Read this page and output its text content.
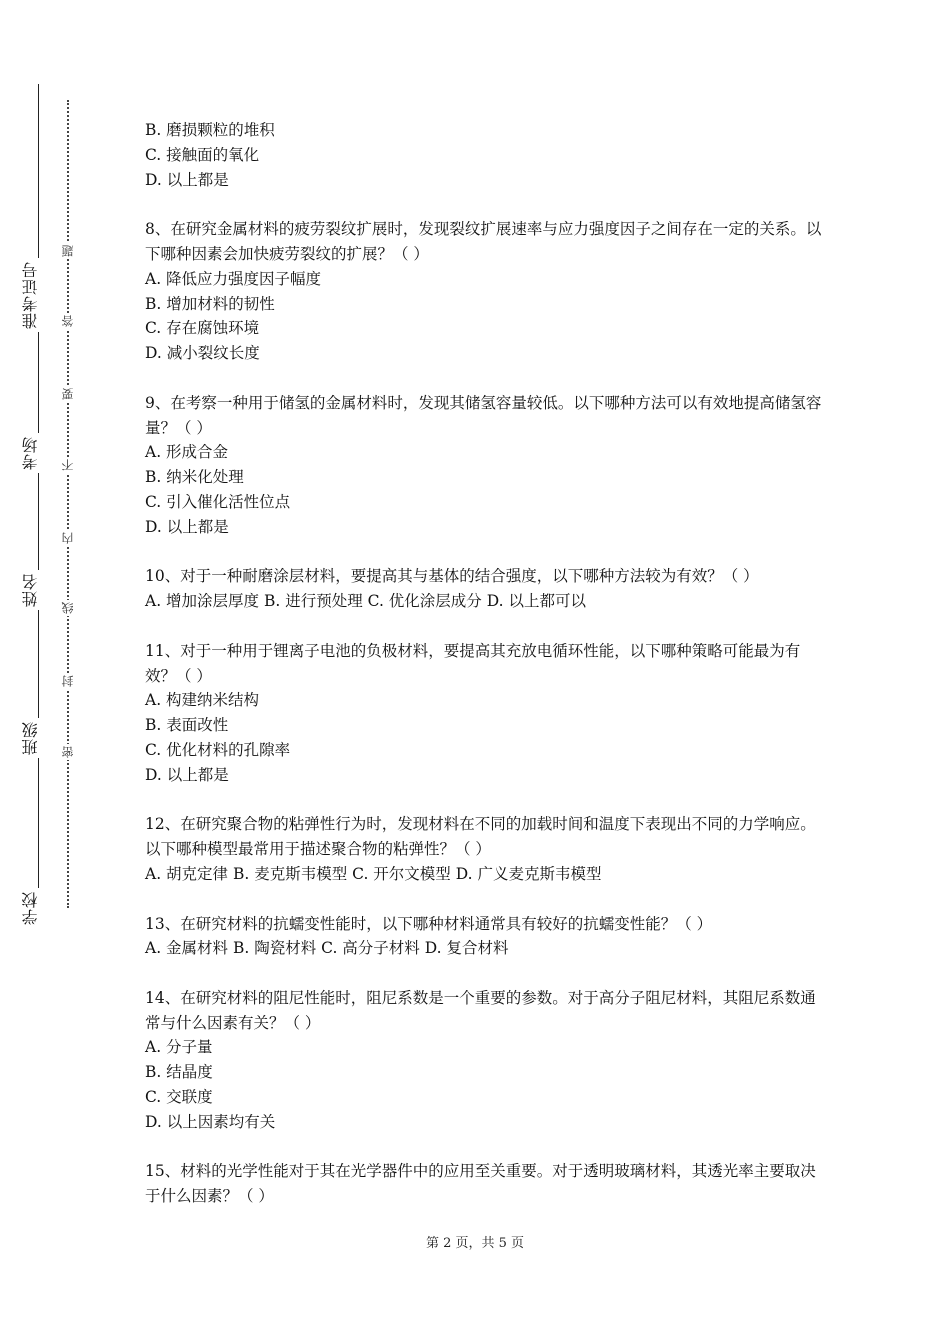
准考证号
考场
姓名
班级
学校
题
答
要
不
内
线
封
密

B. 磨损颗粒的堆积

C. 接触面的氧化

D. 以上都是

8、在研究金属材料的疲劳裂纹扩展时，发现裂纹扩展速率与应力强度因子之间存在一定的关系。以下哪种因素会加快疲劳裂纹的扩展？（ ）

A. 降低应力强度因子幅度

B. 增加材料的韧性

C. 存在腐蚀环境

D. 减小裂纹长度

9、在考察一种用于储氢的金属材料时，发现其储氢容量较低。以下哪种方法可以有效地提高储氢容量？（ ）

A. 形成合金

B. 纳米化处理

C. 引入催化活性位点

D. 以上都是

10、对于一种耐磨涂层材料，要提高其与基体的结合强度，以下哪种方法较为有效？（ ）

A. 增加涂层厚度 B. 进行预处理 C. 优化涂层成分 D. 以上都可以

11、对于一种用于锂离子电池的负极材料，要提高其充放电循环性能，以下哪种策略可能最为有效？（ ）

A. 构建纳米结构

B. 表面改性

C. 优化材料的孔隙率

D. 以上都是

12、在研究聚合物的粘弹性行为时，发现材料在不同的加载时间和温度下表现出不同的力学响应。以下哪种模型最常用于描述聚合物的粘弹性？（ ）

A. 胡克定律 B. 麦克斯韦模型 C. 开尔文模型 D. 广义麦克斯韦模型

13、在研究材料的抗蠕变性能时，以下哪种材料通常具有较好的抗蠕变性能？（ ）

A. 金属材料 B. 陶瓷材料 C. 高分子材料 D. 复合材料

14、在研究材料的阻尼性能时，阻尼系数是一个重要的参数。对于高分子阻尼材料，其阻尼系数通常与什么因素有关？（ ）

A. 分子量

B. 结晶度

C. 交联度

D. 以上因素均有关

15、材料的光学性能对于其在光学器件中的应用至关重要。对于透明玻璃材料，其透光率主要取决于什么因素？（ ）

第 2 页，共 5 页
